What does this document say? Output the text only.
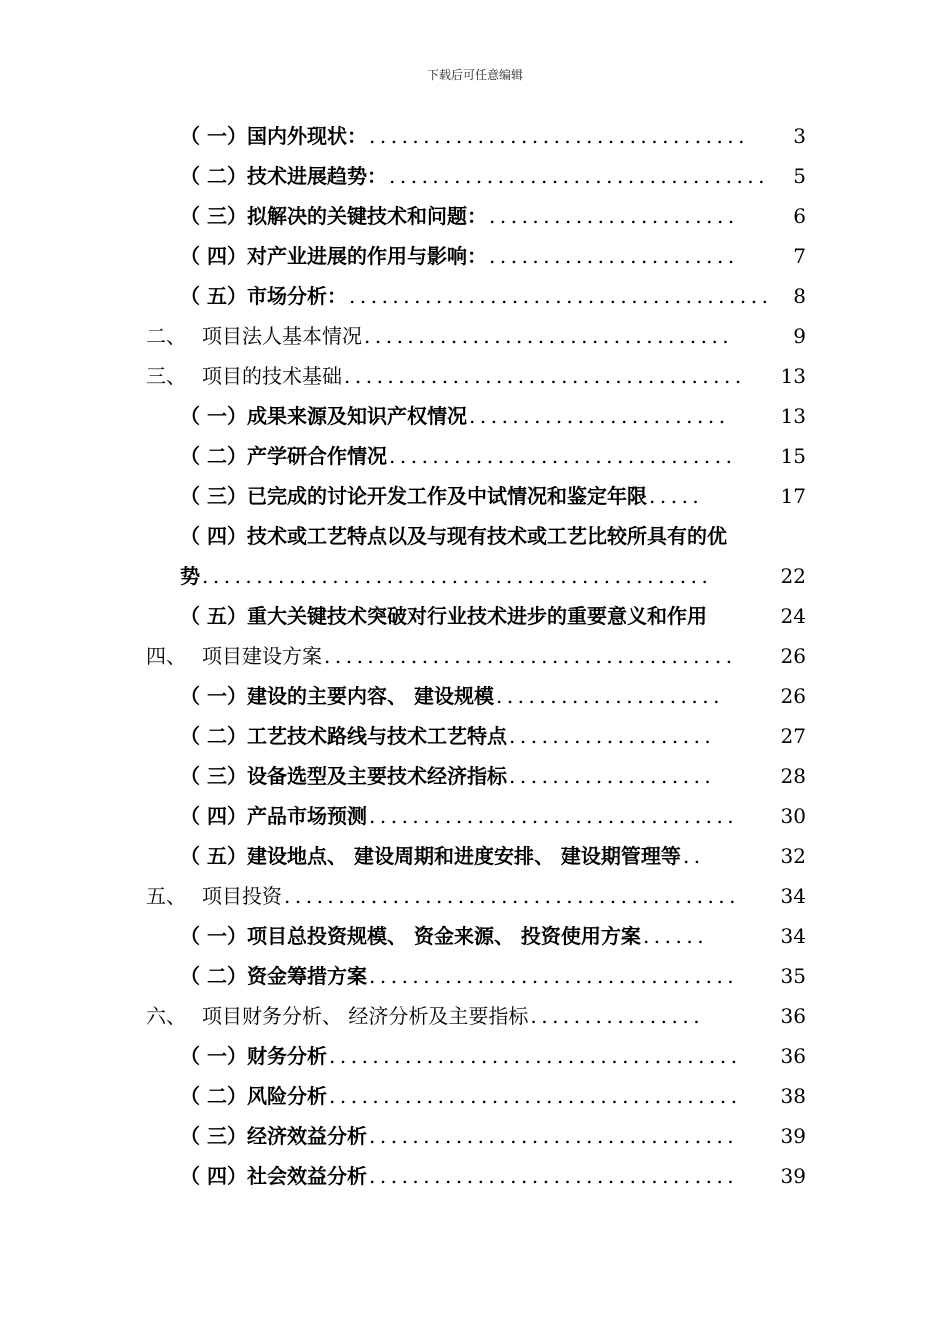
下载后可任意编辑
（ 一） 国内外现状： ...................................	3
（ 二） 技术进展趋势： ...................................	5
（ 三） 拟解决的关键技术和问题： .......................	6
（ 四） 对产业进展的作用与影响： .......................	7
（ 五） 市场分析： .......................................	8
二、 项目法人基本情况 ..................................	9
三、 项目的技术基础 .....................................	13
（ 一） 成果来源及知识产权情况 ........................	13
（ 二） 产学研合作情况 ................................	15
（ 三） 已完成的讨论开发工作及中试情况和鉴定年限 .....	17
（ 四） 技术或工艺特点以及与现有技术或工艺比较所具有的优
势 ...............................................	22
（ 五） 重大关键技术突破对行业技术进步的重要意义和作用	24
四、 项目建设方案 ......................................	26
（ 一） 建设的主要内容、 建设规模 .....................	26
（ 二） 工艺技术路线与技术工艺特点 ...................	27
（ 三） 设备选型及主要技术经济指标 ...................	28
（ 四） 产品市场预测 ..................................	30
（ 五） 建设地点、 建设周期和进度安排、 建设期管理等 ..	32
五、 项目投资 ..........................................	34
（ 一） 项目总投资规模、 资金来源、 投资使用方案 ......	34
（ 二） 资金筹措方案 ..................................	35
六、 项目财务分析、 经济分析及主要指标 ................	36
（ 一） 财务分析 ......................................	36
（ 二） 风险分析 ......................................	38
（ 三） 经济效益分析 ..................................	39
（ 四） 社会效益分析 ..................................	39
